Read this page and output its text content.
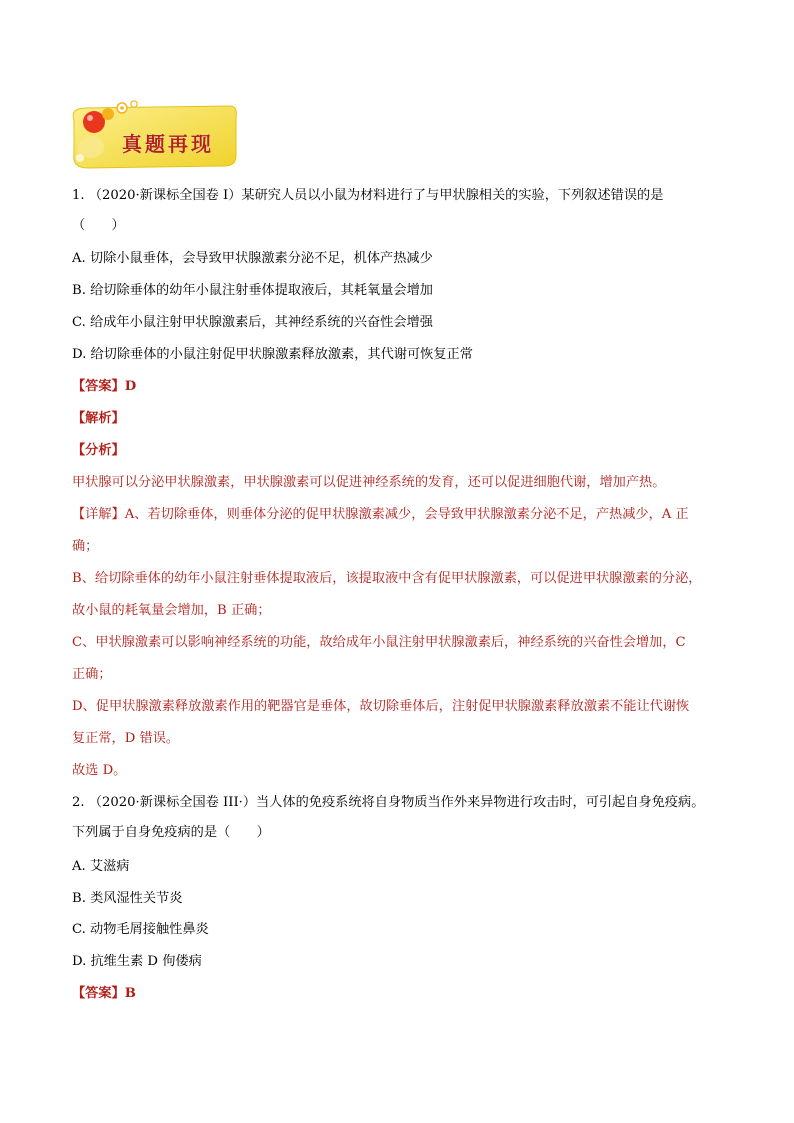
真题再现
1. （2020·新课标全国卷 I）某研究人员以小鼠为材料进行了与甲状腺相关的实验，下列叙述错误的是
（　　）
A. 切除小鼠垂体，会导致甲状腺激素分泌不足，机体产热减少
B. 给切除垂体的幼年小鼠注射垂体提取液后，其耗氧量会增加
C. 给成年小鼠注射甲状腺激素后，其神经系统的兴奋性会增强
D. 给切除垂体的小鼠注射促甲状腺激素释放激素，其代谢可恢复正常
【答案】D
【解析】
【分析】
甲状腺可以分泌甲状腺激素，甲状腺激素可以促进神经系统的发育，还可以促进细胞代谢，增加产热。
【详解】A、若切除垂体，则垂体分泌的促甲状腺激素减少，会导致甲状腺激素分泌不足，产热减少，A 正
确；
B、给切除垂体的幼年小鼠注射垂体提取液后，该提取液中含有促甲状腺激素，可以促进甲状腺激素的分泌，
故小鼠的耗氧量会增加，B 正确；
C、甲状腺激素可以影响神经系统的功能，故给成年小鼠注射甲状腺激素后，神经系统的兴奋性会增加，C
正确；
D、促甲状腺激素释放激素作用的靶器官是垂体，故切除垂体后，注射促甲状腺激素释放激素不能让代谢恢
复正常，D 错误。
故选 D。
2. （2020·新课标全国卷 III·）当人体的免疫系统将自身物质当作外来异物进行攻击时，可引起自身免疫病。
下列属于自身免疫病的是（　　）
A. 艾滋病
B. 类风湿性关节炎
C. 动物毛屑接触性鼻炎
D. 抗维生素 D 佝偻病
【答案】B
